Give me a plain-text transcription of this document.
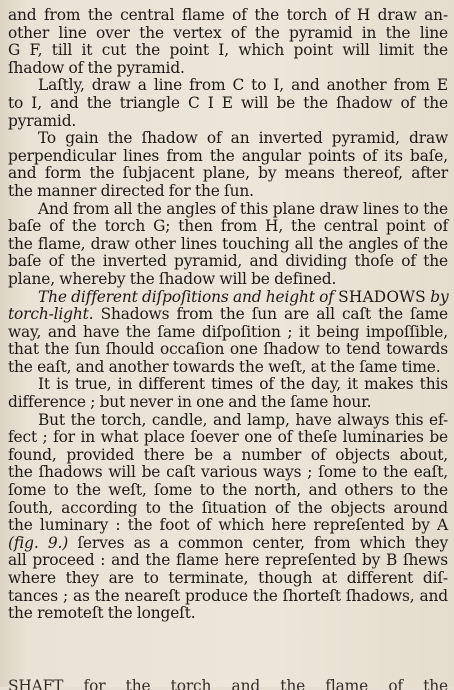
and from the central flame of the torch of H draw an-
other line over the vertex of the pyramid in the line
G F, till it cut the point I, which point will limit the
ſhadow of the pyramid.
Laſtly, draw a line from C to I, and another from E
to I, and the triangle C I E will be the ſhadow of the
pyramid.
To gain the ſhadow of an inverted pyramid, draw
perpendicular lines from the angular points of its baſe,
and form the ſubjacent plane, by means thereof, after
the manner directed for the ſun.
And from all the angles of this plane draw lines to the
baſe of the torch G; then from H, the central point of
the flame, draw other lines touching all the angles of the
baſe of the inverted pyramid, and dividing thoſe of the
plane, whereby the ſhadow will be defined.
The different diſpoſitions and height of SHADOWS by
torch-light. Shadows from the ſun are all caſt the ſame
way, and have the ſame diſpoſition ; it being impoſſible,
that the ſun ſhould occaſion one ſhadow to tend towards
the eaſt, and another towards the weſt, at the ſame time.
It is true, in different times of the day, it makes this
difference ; but never in one and the ſame hour.
But the torch, candle, and lamp, have always this ef-
fect ; for in what place ſoever one of theſe luminaries be
found, provided there be a number of objects about,
the ſhadows will be caſt various ways ; ſome to the eaſt,
ſome to the weſt, ſome to the north, and others to the
ſouth, according to the ſituation of the objects around
the luminary : the foot of which here repreſented by A
(fig. 9.) ſerves as a common center, from which they
all proceed : and the flame here repreſented by B ſhews
where they are to terminate, though at different diſ-
tances ; as the neareſt produce the ſhorteſt ſhadows, and
the remoteſt the longeſt.
SHAFT for the torch and the flame of the
